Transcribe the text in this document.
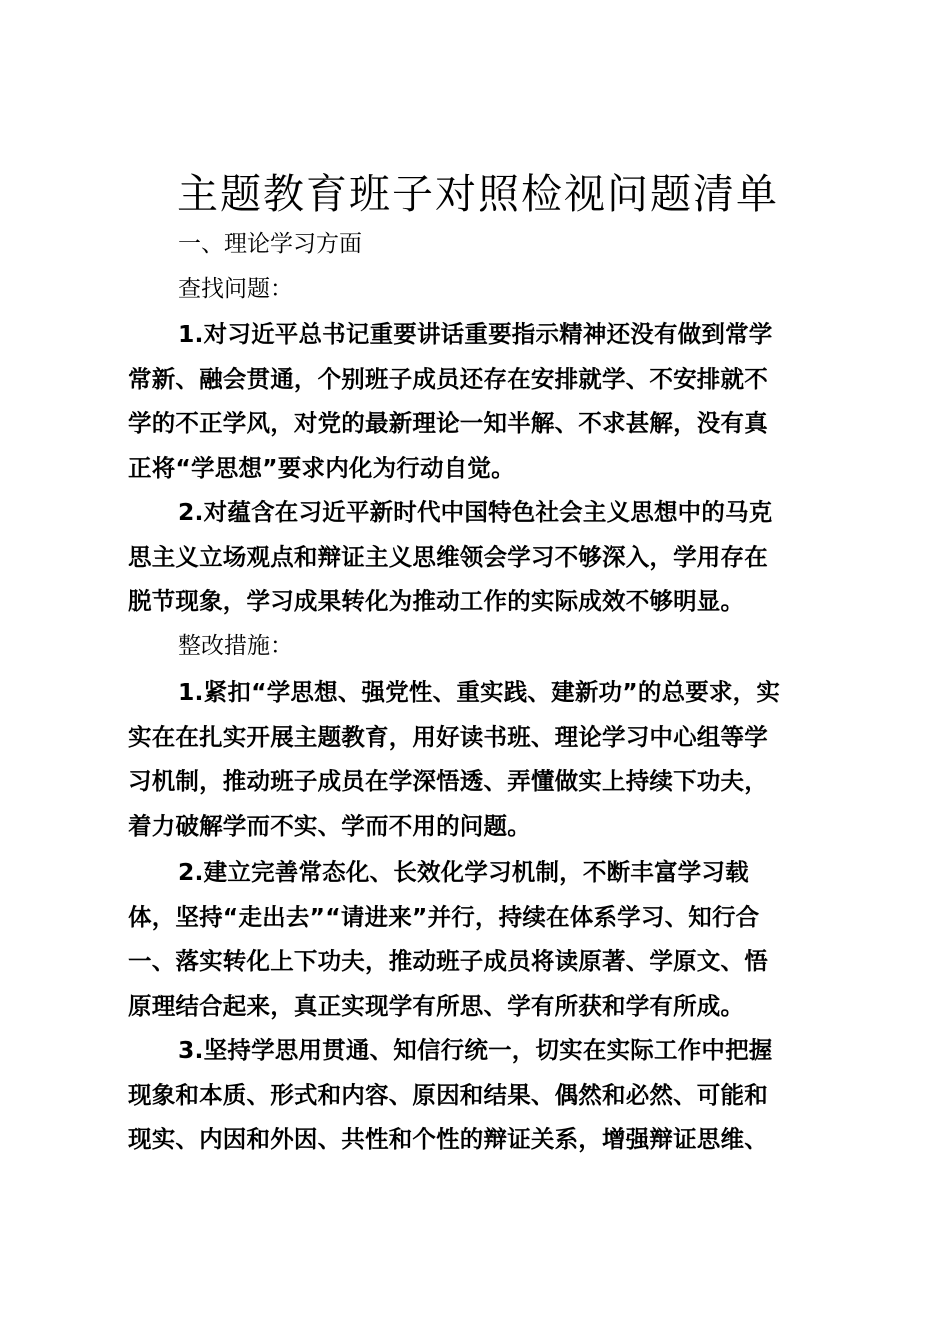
主题教育班子对照检视问题清单

一、理论学习方面

查找问题：

1.对习近平总书记重要讲话重要指示精神还没有做到常学
常新、融会贯通，个别班子成员还存在安排就学、不安排就不
学的不正学风，对党的最新理论一知半解、不求甚解，没有真
正将“学思想”要求内化为行动自觉。

2.对蕴含在习近平新时代中国特色社会主义思想中的马克
思主义立场观点和辩证主义思维领会学习不够深入，学用存在
脱节现象，学习成果转化为推动工作的实际成效不够明显。

整改措施：

1.紧扣“学思想、强党性、重实践、建新功”的总要求，实
实在在扎实开展主题教育，用好读书班、理论学习中心组等学
习机制，推动班子成员在学深悟透、弄懂做实上持续下功夫，
着力破解学而不实、学而不用的问题。

2.建立完善常态化、长效化学习机制，不断丰富学习载
体，坚持“走出去”“请进来”并行，持续在体系学习、知行合
一、落实转化上下功夫，推动班子成员将读原著、学原文、悟
原理结合起来，真正实现学有所思、学有所获和学有所成。

3.坚持学思用贯通、知信行统一，切实在实际工作中把握
现象和本质、形式和内容、原因和结果、偶然和必然、可能和
现实、内因和外因、共性和个性的辩证关系，增强辩证思维、
